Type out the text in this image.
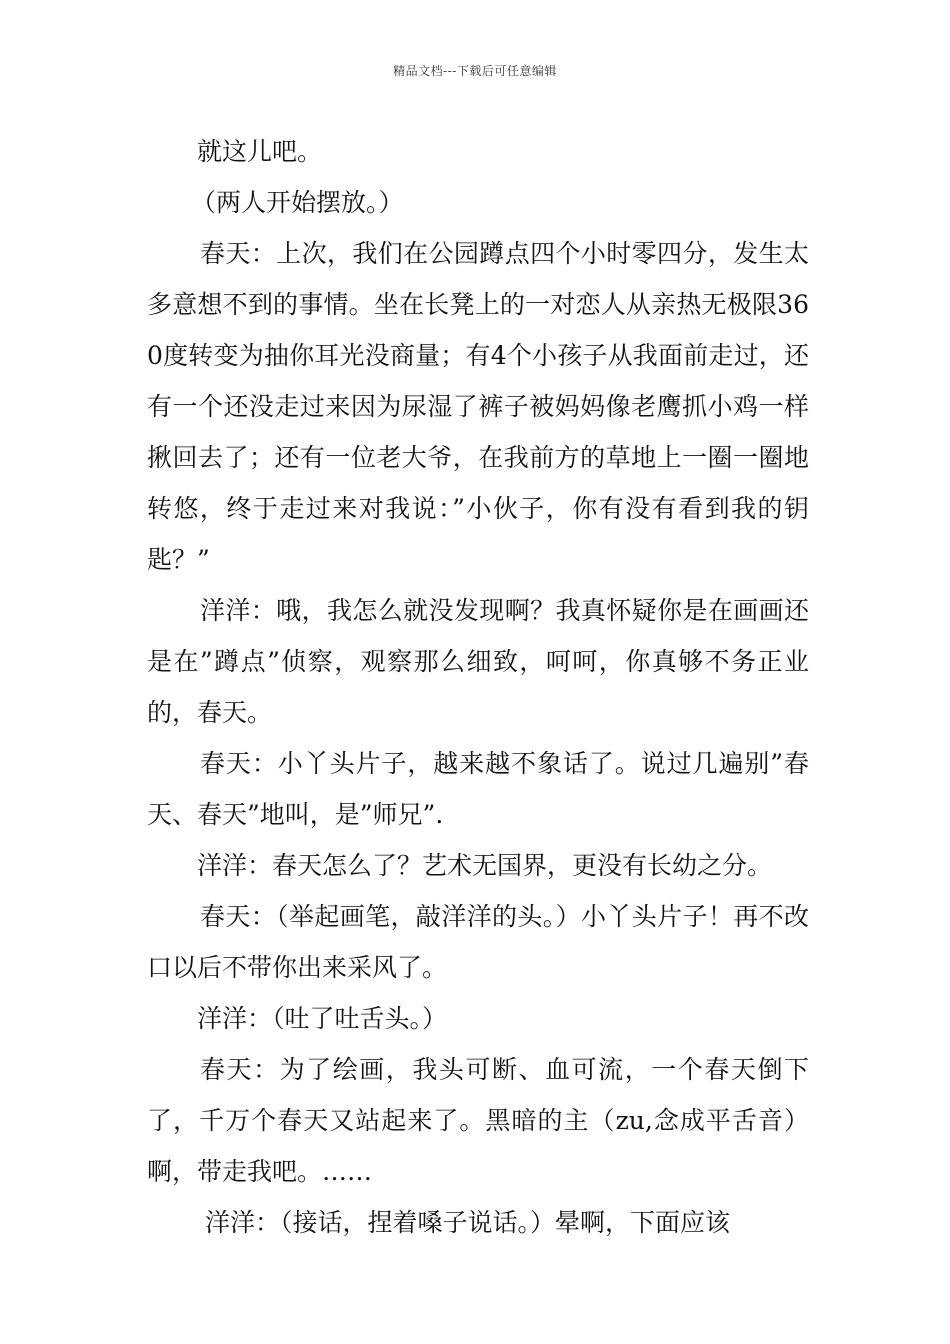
精品文档---下载后可任意编辑

就这儿吧。

（两人开始摆放。）

春天：上次，我们在公园蹲点四个小时零四分，发生太多意想不到的事情。坐在长凳上的一对恋人从亲热无极限360度转变为抽你耳光没商量；有4个小孩子从我面前走过，还有一个还没走过来因为尿湿了裤子被妈妈像老鹰抓小鸡一样揪回去了；还有一位老大爷，在我前方的草地上一圈一圈地转悠，终于走过来对我说：”小伙子，你有没有看到我的钥匙？”

洋洋：哦，我怎么就没发现啊？我真怀疑你是在画画还是在”蹲点”侦察，观察那么细致，呵呵，你真够不务正业的，春天。

春天：小丫头片子，越来越不象话了。说过几遍别”春天、春天”地叫，是”师兄”.

洋洋：春天怎么了？艺术无国界，更没有长幼之分。

春天：（举起画笔，敲洋洋的头。）小丫头片子！再不改口以后不带你出来采风了。

洋洋：（吐了吐舌头。）

春天：为了绘画，我头可断、血可流，一个春天倒下了，千万个春天又站起来了。黑暗的主（zu,念成平舌音）啊，带走我吧。……

洋洋：（接话，捏着嗓子说话。）晕啊，下面应该
